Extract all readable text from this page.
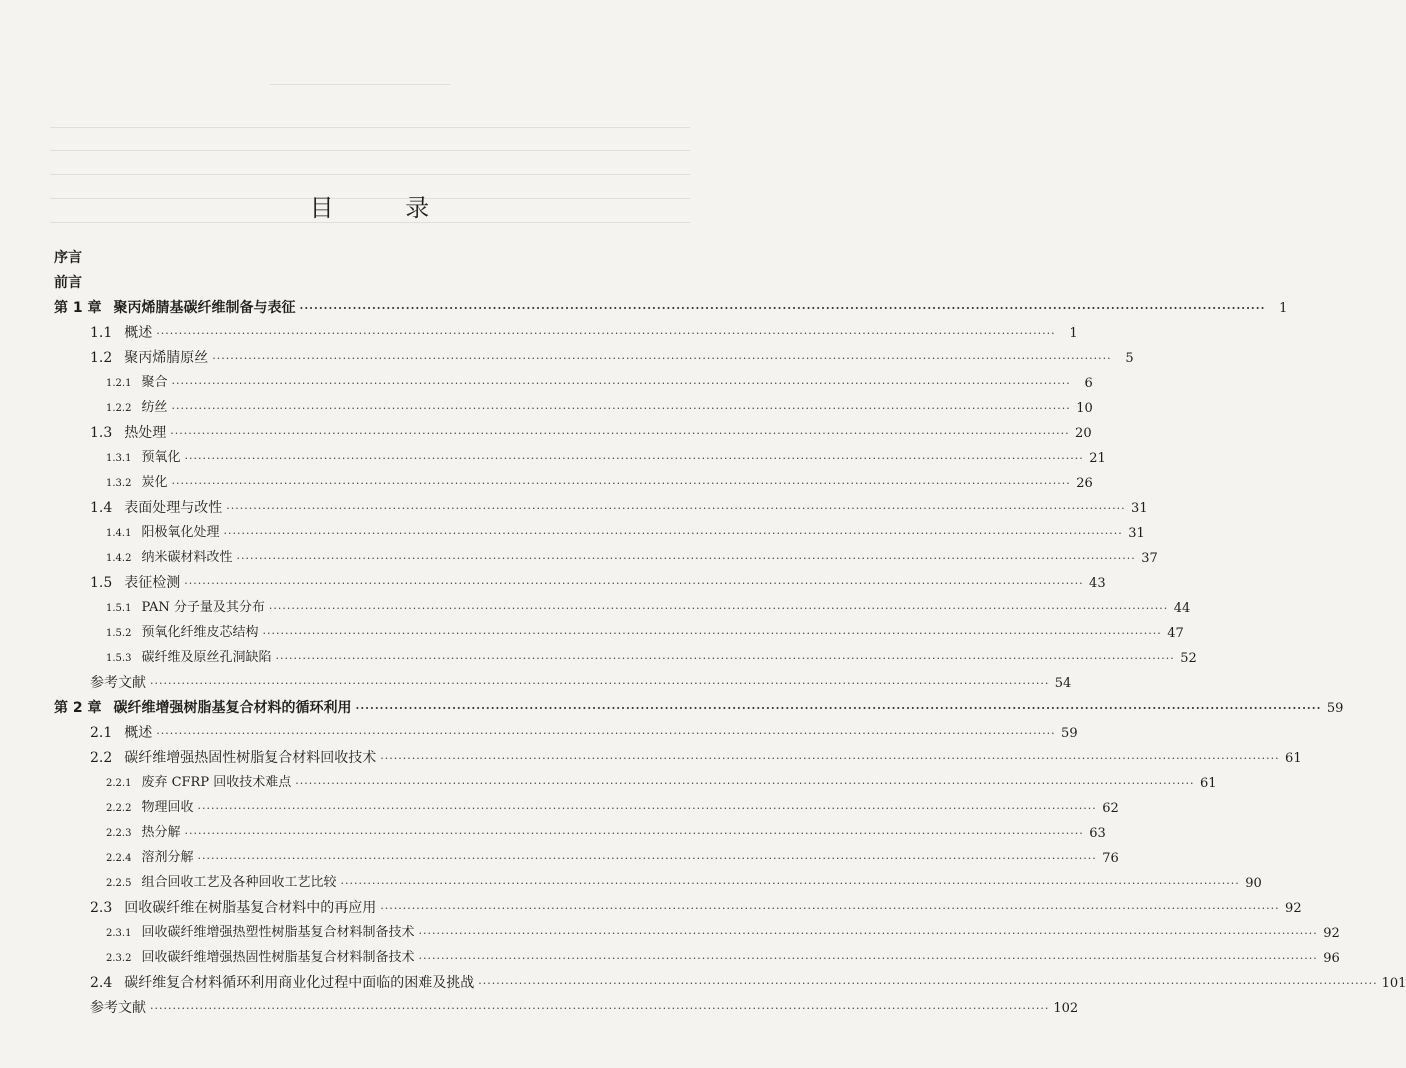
目 录
序言
前言
第 1 章 聚丙烯腈基碳纤维制备与表征 ········································································································································································································	1
1.1 概述 ········································································································································································································	1
1.2 聚丙烯腈原丝 ········································································································································································································	5
1.2.1 聚合 ········································································································································································································	6
1.2.2 纺丝 ········································································································································································································ 10
1.3 热处理 ········································································································································································································ 20
1.3.1 预氧化 ········································································································································································································ 21
1.3.2 炭化 ········································································································································································································ 26
1.4 表面处理与改性 ········································································································································································································ 31
1.4.1 阳极氧化处理 ········································································································································································································ 31
1.4.2 纳米碳材料改性 ········································································································································································································ 37
1.5 表征检测 ········································································································································································································ 43
1.5.1 PAN 分子量及其分布 ········································································································································································································ 44
1.5.2 预氧化纤维皮芯结构 ········································································································································································································ 47
1.5.3 碳纤维及原丝孔洞缺陷 ········································································································································································································ 52
参考文献 ········································································································································································································ 54
第 2 章 碳纤维增强树脂基复合材料的循环利用 ········································································································································································································ 59
2.1 概述 ········································································································································································································ 59
2.2 碳纤维增强热固性树脂复合材料回收技术 ········································································································································································································ 61
2.2.1 废弃 CFRP 回收技术难点 ········································································································································································································ 61
2.2.2 物理回收 ········································································································································································································ 62
2.2.3 热分解 ········································································································································································································ 63
2.2.4 溶剂分解 ········································································································································································································ 76
2.2.5 组合回收工艺及各种回收工艺比较 ········································································································································································································ 90
2.3 回收碳纤维在树脂基复合材料中的再应用 ········································································································································································································ 92
2.3.1 回收碳纤维增强热塑性树脂基复合材料制备技术 ········································································································································································································ 92
2.3.2 回收碳纤维增强热固性树脂基复合材料制备技术 ········································································································································································································ 96
2.4 碳纤维复合材料循环利用商业化过程中面临的困难及挑战 ········································································································································································································ 101
参考文献 ········································································································································································································ 102
